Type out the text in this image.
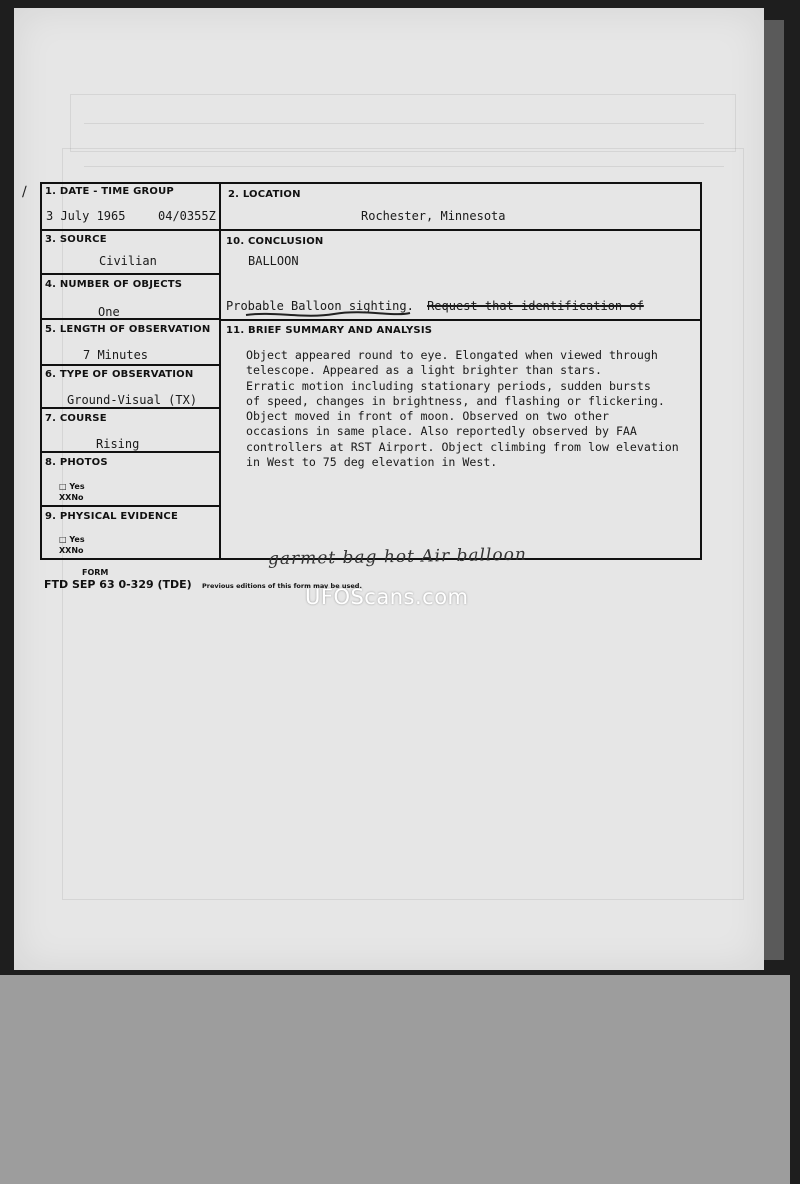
1. DATE - TIME GROUP
3 July 1965	04/0355Z
2. LOCATION
Rochester, Minnesota
3. SOURCE
Civilian
4. NUMBER OF OBJECTS
One
5. LENGTH OF OBSERVATION
7 Minutes
6. TYPE OF OBSERVATION
Ground-Visual (TX)
7. COURSE
Rising
8. PHOTOS
□ Yes
XXNo
9. PHYSICAL EVIDENCE
□ Yes
XXNo
10. CONCLUSION
BALLOON
Probable Balloon sighting. Request that identification of
11. BRIEF SUMMARY AND ANALYSIS
Object appeared round to eye. Elongated when viewed through
telescope. Appeared as a light brighter than stars.
Erratic motion including stationary periods, sudden bursts
of speed, changes in brightness, and flashing or flickering.
Object moved in front of moon. Observed on two other
occasions in same place. Also reportedly observed by FAA
controllers at RST Airport. Object climbing from low elevation
in West to 75 deg elevation in West.
garmet bag hot Air balloon
FORM
FTD SEP 63 0-329 (TDE) Previous editions of this form may be used.
UFOScans.com
∕
